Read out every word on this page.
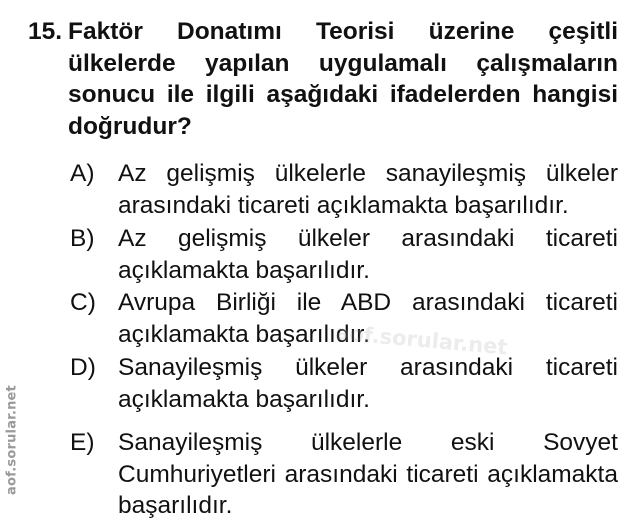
15. Faktör Donatımı Teorisi üzerine çeşitli ülkelerde yapılan uygulamalı çalışmaların sonucu ile ilgili aşağıdaki ifadelerden hangisi doğrudur?
A) Az gelişmiş ülkelerle sanayileşmiş ülkeler arasındaki ticareti açıklamakta başarılıdır.
B) Az gelişmiş ülkeler arasındaki ticareti açıklamakta başarılıdır.
C) Avrupa Birliği ile ABD arasındaki ticareti açıklamakta başarılıdır.
D) Sanayileşmiş ülkeler arasındaki ticareti açıklamakta başarılıdır.
E) Sanayileşmiş ülkelerle eski Sovyet Cumhuriyetleri arasındaki ticareti açıklamakta başarılıdır.
aof.sorular.net
aof.sorular.net
